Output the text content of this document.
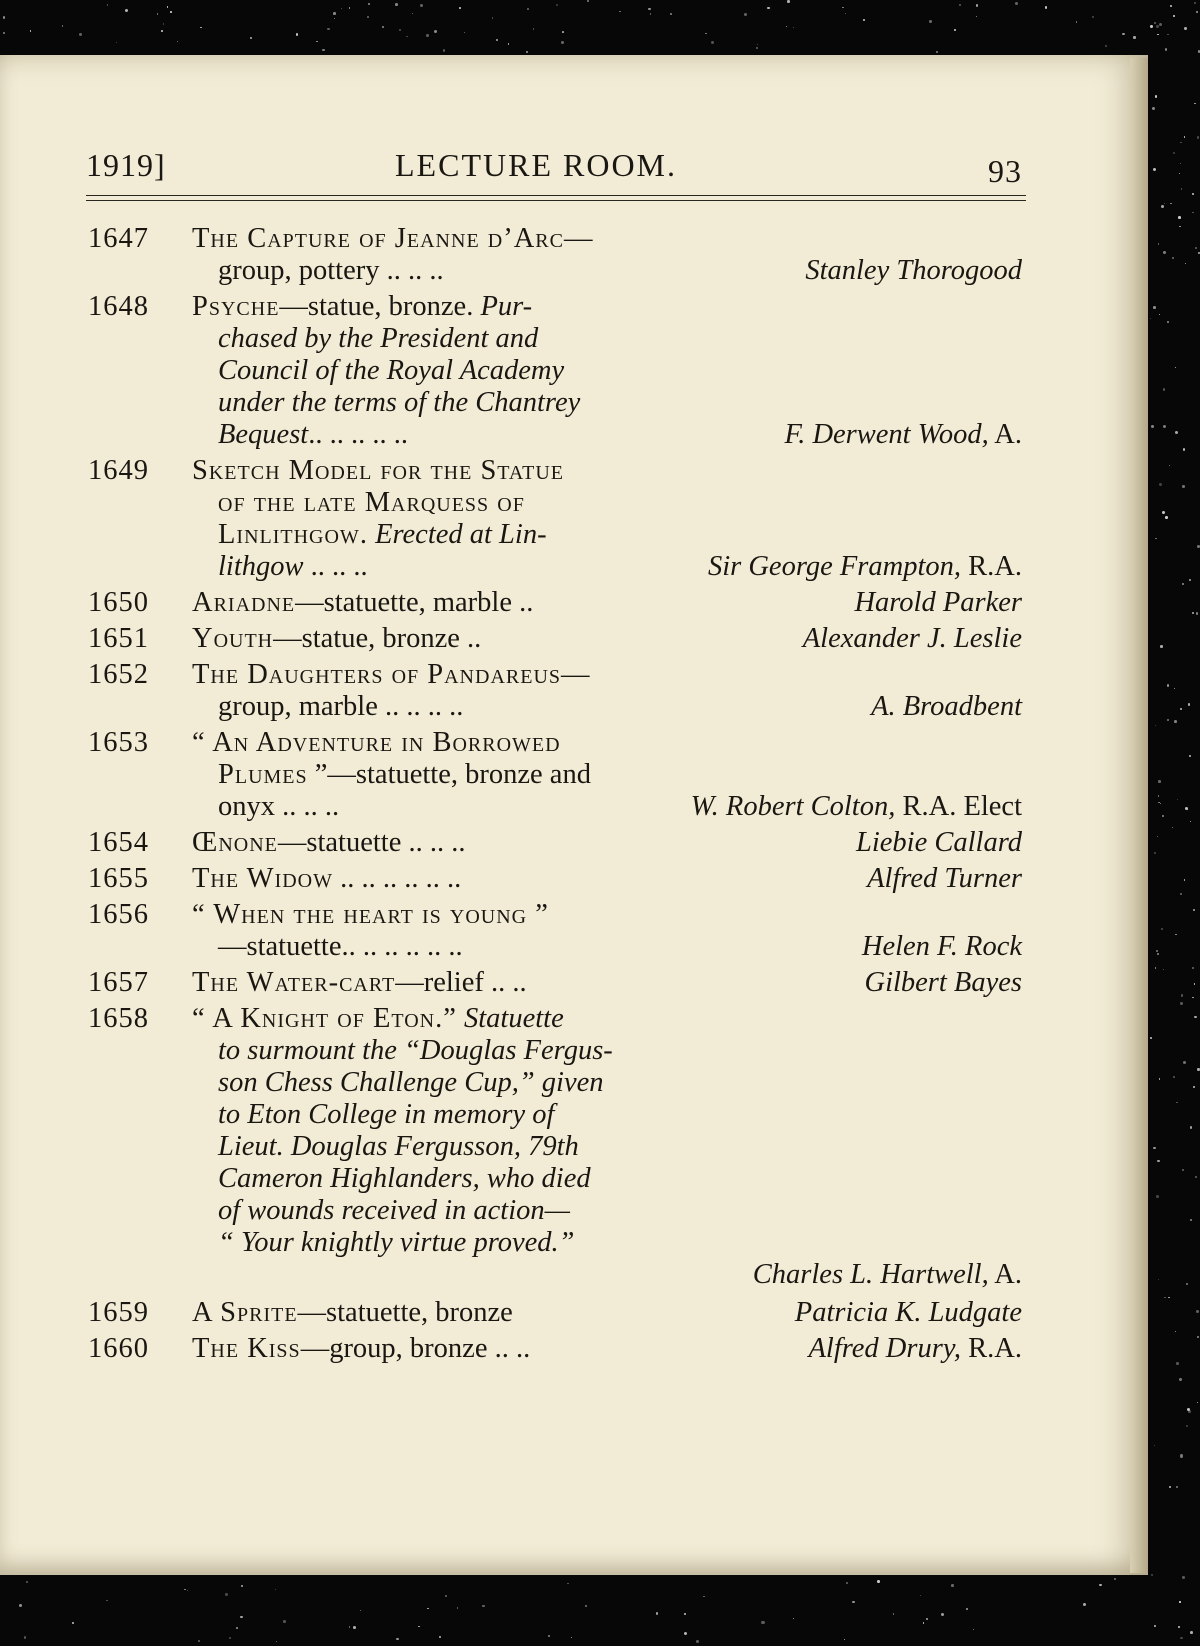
1919]	LECTURE ROOM.	93
1647 The Capture of Jeanne d’Arc—
group, pottery .. .. ..	Stanley Thorogood
1648 Psyche—statue, bronze. Pur-
chased by the President and
Council of the Royal Academy
under the terms of the Chantrey
Bequest.. .. .. .. ..	F. Derwent Wood, A.
1649 Sketch Model for the Statue
of the late Marquess of
Linlithgow. Erected at Lin-
lithgow .. .. ..	Sir George Frampton, R.A.
1650 Ariadne—statuette, marble ..	Harold Parker
1651 Youth—statue, bronze ..	Alexander J. Leslie
1652 The Daughters of Pandareus—
group, marble .. .. .. ..	A. Broadbent
1653 “ An Adventure in Borrowed
Plumes ”—statuette, bronze and
onyx .. .. ..	W. Robert Colton, R.A. Elect
1654 Œnone—statuette .. .. ..	Liebie Callard
1655 The Widow .. .. .. .. .. ..	Alfred Turner
1656 “ When the heart is young ”
—statuette.. .. .. .. .. ..	Helen F. Rock
1657 The Water-cart—relief .. ..	Gilbert Bayes
1658 “ A Knight of Eton.” Statuette
to surmount the “Douglas Fergus-
son Chess Challenge Cup,” given
to Eton College in memory of
Lieut. Douglas Fergusson, 79th
Cameron Highlanders, who died
of wounds received in action—
“ Your knightly virtue proved.”
Charles L. Hartwell, A.
1659 A Sprite—statuette, bronze	Patricia K. Ludgate
1660 The Kiss—group, bronze .. ..	Alfred Drury, R.A.
